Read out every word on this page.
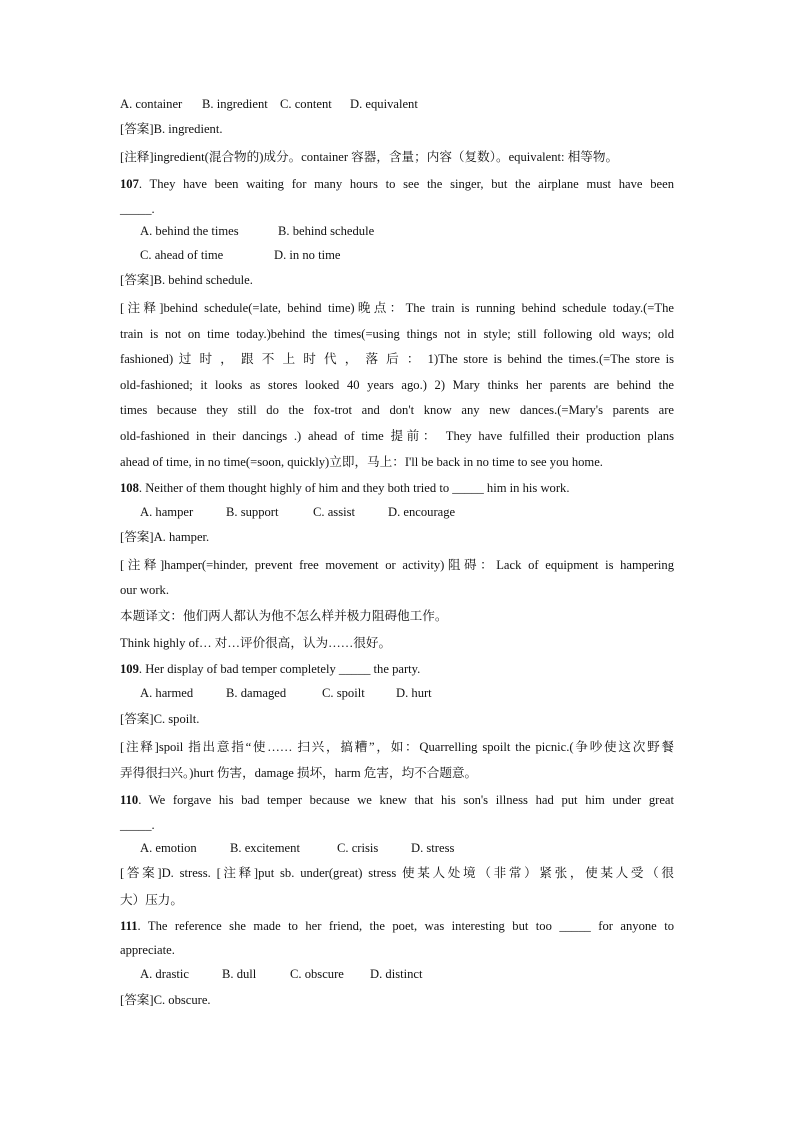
A. container B. ingredient C. content D. equivalent
[答案]B. ingredient.
[注释]ingredient(混合物的)成分。container 容器，含量；内容（复数）。equivalent: 相等物。
107. They have been waiting for many hours to see the singer, but the airplane must have been
_____.
A. behind the times	B. behind schedule
C. ahead of time	D. in no time
[答案]B. behind schedule.
[注释]behind schedule(=late, behind time)晚点：The train is running behind schedule today.(=The
train is not on time today.)behind the times(=using things not in style; still following old ways; old
fashioned) 过 时 ， 跟 不 上 时 代 ， 落 后 ： 1)The store is behind the times.(=The store is
old-fashioned; it looks as stores looked 40 years ago.) 2) Mary thinks her parents are behind the
times because they still do the fox-trot and don't know any new dances.(=Mary's parents are
old-fashioned in their dancings .) ahead of time 提前： They have fulfilled their production plans
ahead of time, in no time(=soon, quickly)立即，马上：I'll be back in no time to see you home.
108. Neither of them thought highly of him and they both tried to _____ him in his work.
A. hamper	B. support	C. assist	D. encourage
[答案]A. hamper.
[注释]hamper(=hinder, prevent free movement or activity)阻碍：Lack of equipment is hampering
our work.
本题译文：他们两人都认为他不怎么样并极力阻碍他工作。
Think highly of… 对…评价很高，认为……很好。
109. Her display of bad temper completely _____ the party.
A. harmed	B. damaged	C. spoilt D. hurt
[答案]C. spoilt.
[注释]spoil 指出意指“使…… 扫兴，搞糟”，如：Quarrelling spoilt the picnic.(争吵使这次野餐
弄得很扫兴。)hurt 伤害，damage 损坏，harm 危害，均不合题意。
110. We forgave his bad temper because we knew that his son's illness had put him under great
_____.
A. emotion	B. excitement	C. crisis	D. stress
[答案]D. stress. [注释]put sb. under(great) stress 使某人处境（非常）紧张，使某人受（很
大）压力。
111. The reference she made to her friend, the poet, was interesting but too _____ for anyone to
appreciate.
A. drastic	B. dull	C. obscure D. distinct
[答案]C. obscure.
